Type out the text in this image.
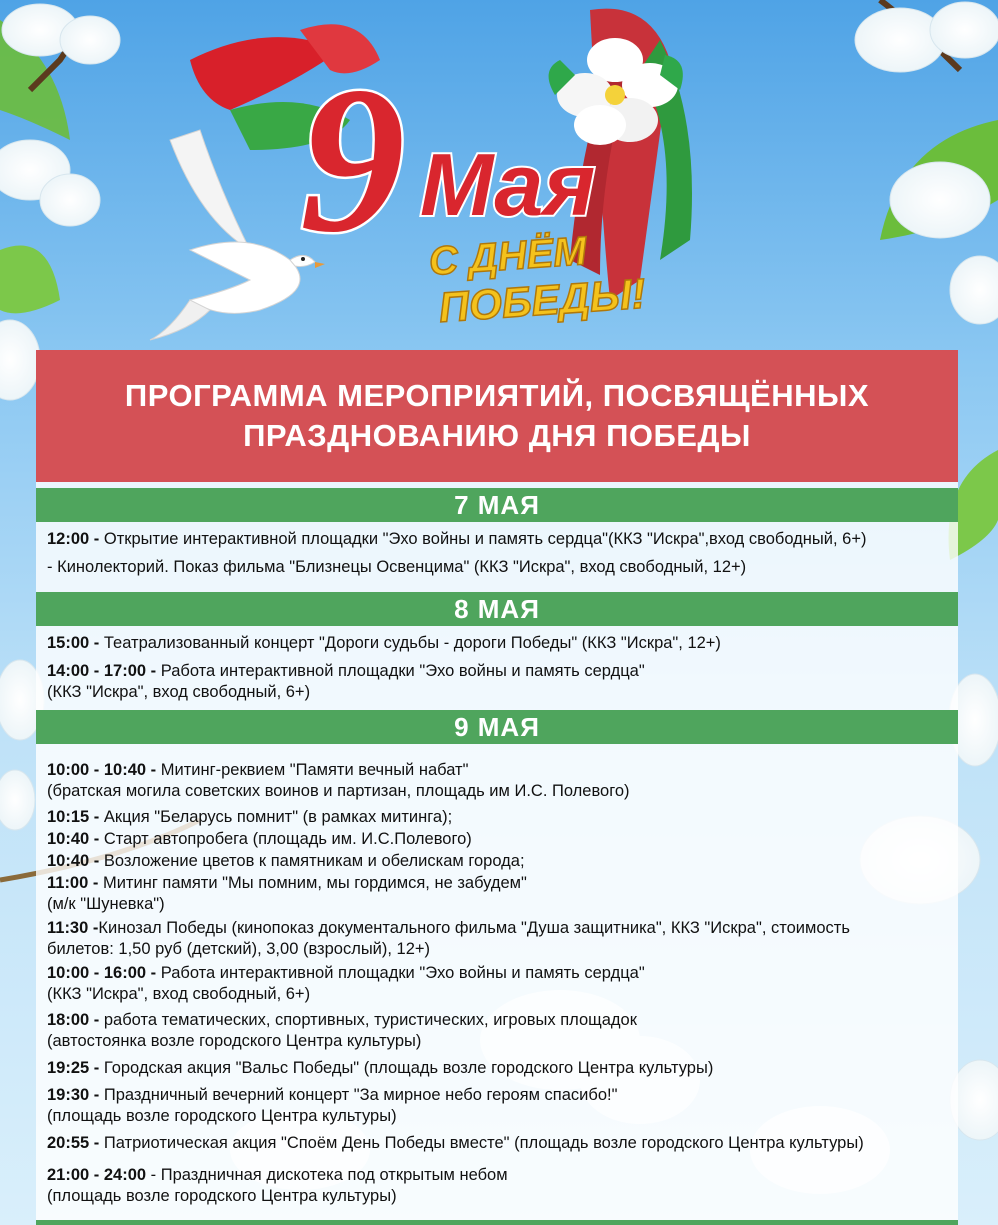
9 Мая
С ДНЁМ
ПОБЕДЫ!
ПРОГРАММА МЕРОПРИЯТИЙ, ПОСВЯЩЁННЫХ
ПРАЗДНОВАНИЮ ДНЯ ПОБЕДЫ
7 МАЯ
12:00 - Открытие интерактивной площадки "Эхо войны и память сердца"(ККЗ "Искра",вход свободный, 6+)
- Кинолекторий. Показ фильма "Близнецы Освенцима" (ККЗ "Искра", вход свободный, 12+)
8 МАЯ
15:00 - Театрализованный концерт "Дороги судьбы - дороги Победы" (ККЗ "Искра", 12+)
14:00 - 17:00 - Работа интерактивной площадки "Эхо войны и память сердца"
(ККЗ "Искра", вход свободный, 6+)
9 МАЯ
10:00 - 10:40 - Митинг-реквием "Памяти вечный набат"
(братская могила советских воинов и партизан, площадь им И.С. Полевого)
10:15 - Акция "Беларусь помнит" (в рамках митинга);
10:40 - Старт автопробега (площадь им. И.С.Полевого)
10:40 - Возложение цветов к памятникам и обелискам города;
11:00 - Митинг памяти "Мы помним, мы гордимся, не забудем"
(м/к "Шуневка")
11:30 -Кинозал Победы (кинопоказ документального фильма "Душа защитника", ККЗ "Искра", стоимость
билетов: 1,50 руб (детский), 3,00 (взрослый), 12+)
10:00 - 16:00 - Работа интерактивной площадки "Эхо войны и память сердца"
(ККЗ "Искра", вход свободный, 6+)
18:00 - работа тематических, спортивных, туристических, игровых площадок
(автостоянка возле городского Центра культуры)
19:25 - Городская акция "Вальс Победы" (площадь возле городского Центра культуры)
19:30 - Праздничный вечерний концерт "За мирное небо героям спасибо!"
(площадь возле городского Центра культуры)
20:55 - Патриотическая акция "Споём День Победы вместе" (площадь возле городского Центра культуры)
21:00 - 24:00 - Праздничная дискотека под открытым небом
(площадь возле городского Центра культуры)
